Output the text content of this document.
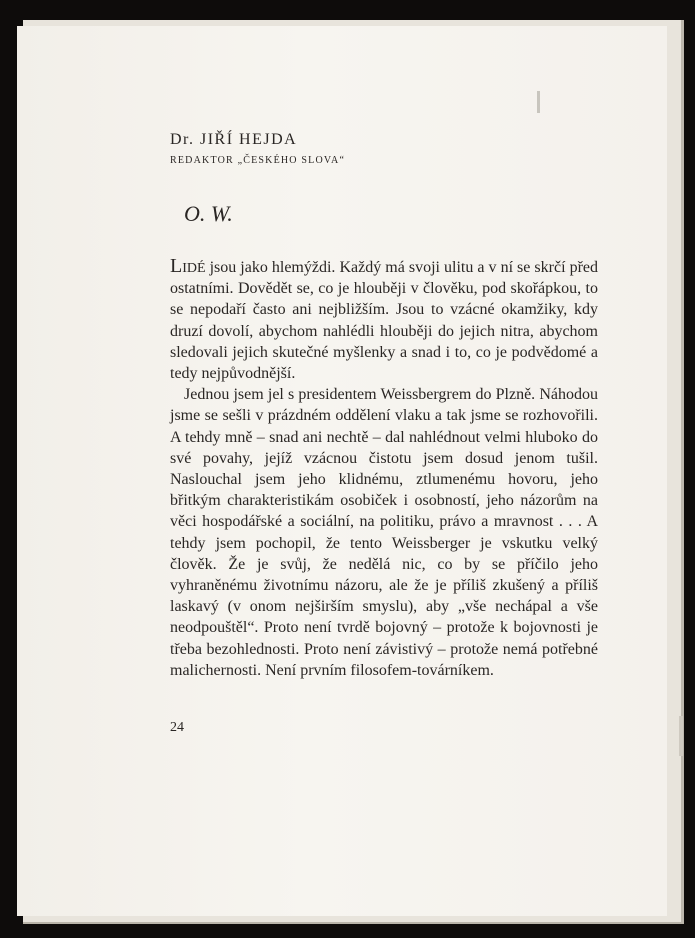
Dr. JIŘÍ HEJDA
REDAKTOR „ČESKÉHO SLOVA“
O. W.

Lidé jsou jako hlemýždi. Každý má svoji ulitu a v ní se skrčí před ostatními. Dovědět se, co je hlouběji v člověku, pod skořápkou, to se nepodaří často ani nejbližším. Jsou to vzácné okamžiky, kdy druzí dovolí, abychom nahlédli hlouběji do jejich nitra, abychom sledovali jejich skutečné myšlenky a snad i to, co je podvědomé a tedy nejpůvodnější.

Jednou jsem jel s presidentem Weissbergrem do Plzně. Náhodou jsme se sešli v prázdném oddělení vlaku a tak jsme se rozhovořili. A tehdy mně – snad ani nechtě – dal nahlédnout velmi hluboko do své povahy, jejíž vzácnou čistotu jsem dosud jenom tušil. Naslouchal jsem jeho klidnému, ztlumenému hovoru, jeho břitkým charakteristikám osobiček i osobností, jeho názorům na věci hospodářské a sociální, na politiku, právo a mravnost . . . A tehdy jsem pochopil, že tento Weissberger je vskutku velký člověk. Že je svůj, že nedělá nic, co by se příčilo jeho vyhraněnému životnímu názoru, ale že je příliš zkušený a příliš laskavý (v onom nejširším smyslu), aby „vše nechápal a vše neodpouštěl“. Proto není tvrdě bojovný – protože k bojovnosti je třeba bezohlednosti. Proto není závistivý – protože nemá potřebné malichernosti. Není prvním filosofem-továrníkem.

24
